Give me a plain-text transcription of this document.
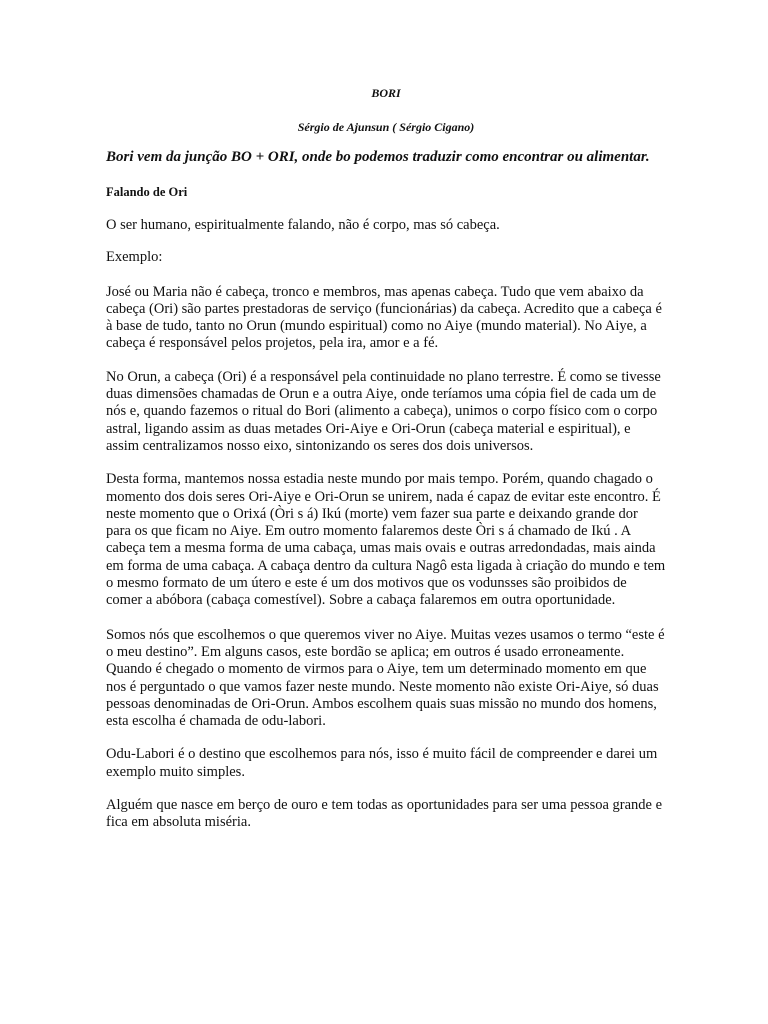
BORI

Sérgio de Ajunsun ( Sérgio Cigano)

Bori vem da junção BO + ORI, onde bo podemos traduzir como encontrar ou alimentar.

Falando de Ori

O ser humano, espiritualmente falando, não é corpo, mas só cabeça.

Exemplo:

José ou Maria não é cabeça, tronco e membros, mas apenas cabeça. Tudo que vem abaixo da cabeça (Ori) são partes prestadoras de serviço (funcionárias) da cabeça. Acredito que a cabeça é à base de tudo, tanto no Orun (mundo espiritual) como no Aiye (mundo material). No Aiye, a cabeça é responsável pelos projetos, pela ira, amor e a fé.

No Orun, a cabeça (Ori) é a responsável pela continuidade no plano terrestre. É como se tivesse duas dimensões chamadas de Orun e a outra Aiye, onde teríamos uma cópia fiel de cada um de nós e, quando fazemos o ritual do Bori (alimento a cabeça), unimos o corpo físico com o corpo astral, ligando assim as duas metades Ori-Aiye e Ori-Orun (cabeça material e espiritual), e assim centralizamos nosso eixo, sintonizando os seres dos dois universos.

Desta forma, mantemos nossa estadia neste mundo por mais tempo. Porém, quando chagado o momento dos dois seres Ori-Aiye e Ori-Orun se unirem, nada é capaz de evitar este encontro. É neste momento que o Orixá (Òri s á) Ikú (morte) vem fazer sua parte e deixando grande dor para os que ficam no Aiye. Em outro momento falaremos deste Òri s á chamado de Ikú . A cabeça tem a mesma forma de uma cabaça, umas mais ovais e outras arredondadas, mais ainda em forma de uma cabaça. A cabaça dentro da cultura Nagô esta ligada à criação do mundo e tem o mesmo formato de um útero e este é um dos motivos que os vodunsses são proibidos de comer a abóbora (cabaça comestível). Sobre a cabaça falaremos em outra oportunidade.

Somos nós que escolhemos o que queremos viver no Aiye. Muitas vezes usamos o termo “este é o meu destino”. Em alguns casos, este bordão se aplica; em outros é usado erroneamente. Quando é chegado o momento de virmos para o Aiye, tem um determinado momento em que nos é perguntado o que vamos fazer neste mundo. Neste momento não existe Ori-Aiye, só duas pessoas denominadas de Ori-Orun. Ambos escolhem quais suas missão no mundo dos homens, esta escolha é chamada de odu-labori.

Odu-Labori é o destino que escolhemos para nós, isso é muito fácil de compreender e darei um exemplo muito simples.

Alguém que nasce em berço de ouro e tem todas as oportunidades para ser uma pessoa grande e fica em absoluta miséria.
